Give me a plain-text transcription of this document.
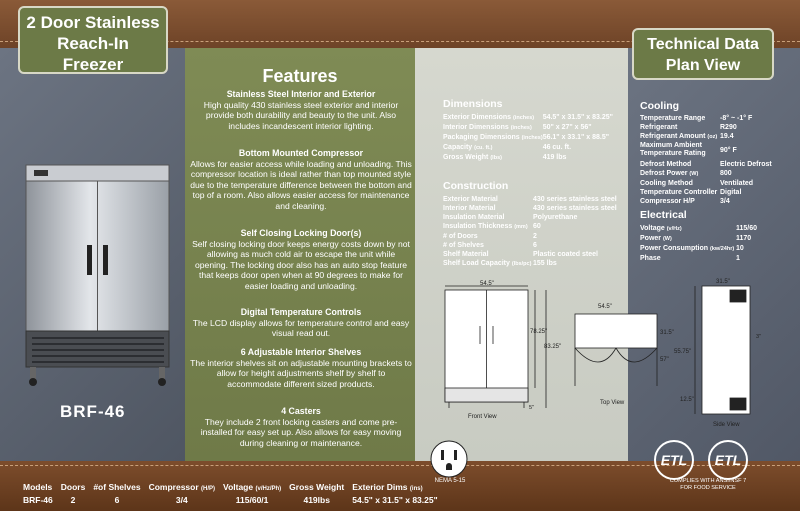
2 Door Stainless
Reach-In
Freezer
Technical Data
Plan View
BRF-46
Features
Stainless Steel Interior and Exterior

High quality 430 stainless steel exterior and interior provide both durability and beauty to the unit. Also includes incandescent interior lighting.

Bottom Mounted Compressor

Allows for easier access while loading and unloading. This compressor location is ideal rather than top mounted style due to the temperature difference between the bottom and top of a room. Also allows easier access for maintenance and cleaning.

Self Closing Locking Door(s)

Self closing locking door keeps energy costs down by not allowing as much cold air to escape the unit while opening. The locking door also has an auto stop feature that keeps door open when at 90 degrees to make for easier loading and unloading.

Digital Temperature Controls

The LCD display allows for temperature control and easy visual read out.

6 Adjustable Interior Shelves

The interior shelves sit on adjustable mounting brackets to allow for height adjustments shelf by shelf to accommodate different sized products.

4 Casters

They include 2 front locking casters and come pre-installed for easy set up. Also allows for easy moving during cleaning or maintenance.

Dimensions
Exterior Dimensions (inches)	54.5" x 31.5" x 83.25"
Interior Dimensions (inches)	50" x 27" x 56"
Packaging Dimensions (inches)	56.1" x 33.1" x 88.5"
Capacity (cu. ft.)	46 cu. ft.
Gross Weight (lbs)	419 lbs
Construction
Exterior Material	430 series stainless steel
Interior Material	430 series stainless steel
Insulation Material	Polyurethane
Insulation Thickness (mm)	60
# of Doors	2
# of Shelves	6
Shelf Material	Plastic coated steel
Shelf Load Capacity (lbs/pc)	155 lbs
Cooling
Temperature Range	-8° ~ -1° F
Refrigerant	R290
Refrigerant Amount (oz)	19.4
Maximum Ambient Temperature Rating	90° F
Defrost Method	Electric Defrost
Defrost Power (W)	800
Cooling Method	Ventilated
Temperature Controller	Digital
Compressor H/P	3/4
Electrical
Voltage (v/Hz)	115/60
Power (W)	1170
Power Consumption (kw/24hr)	10
Phase	1
54.5"
78.25"
83.25"
5"
Front View
54.5"
31.5"
57"
Top View
31.5"
55.75"
12.5"
3"
Side View
NEMA 5-15
ETL	ETL
COMPLIES WITH ANSI/NSF 7
FOR FOOD SERVICE
Models	Doors	#of Shelves	Compressor (H/P)	Voltage (v/Hz/Ph)	Gross Weight	Exterior Dims (ins)
BRF-46	2	6	3/4	115/60/1	419lbs	54.5" x 31.5" x 83.25"
